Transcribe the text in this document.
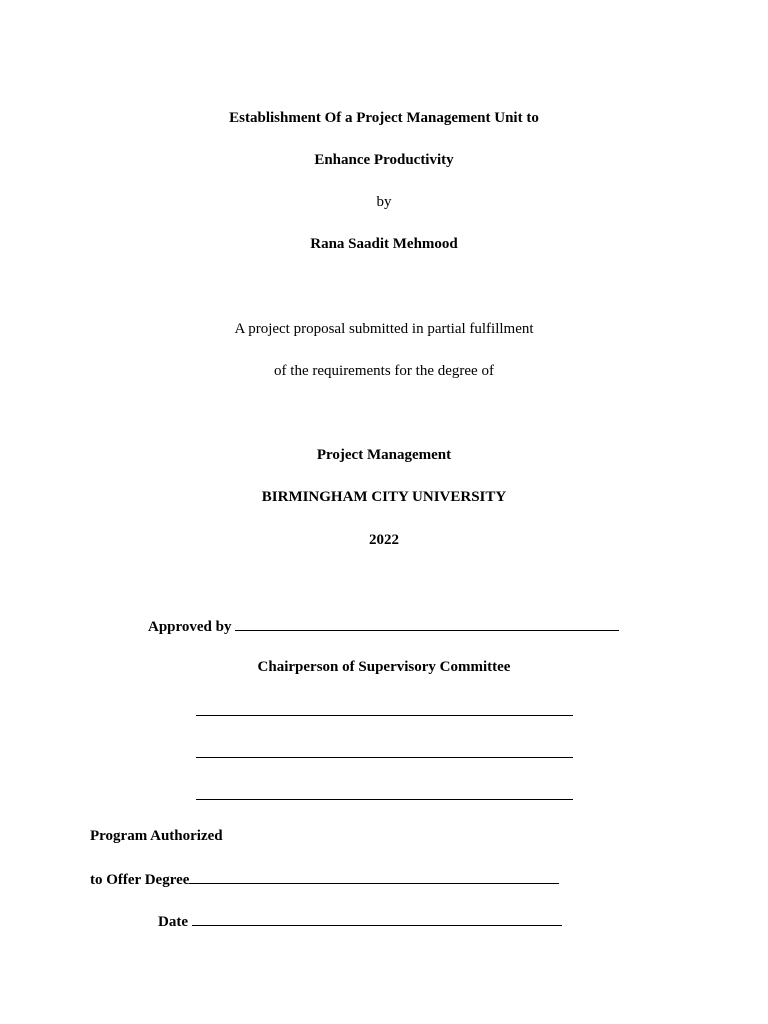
Establishment Of a Project Management Unit to
Enhance Productivity
by
Rana Saadit Mehmood
A project proposal submitted in partial fulfillment
of the requirements for the degree of
Project Management
BIRMINGHAM CITY UNIVERSITY
2022
Approved by
Chairperson of Supervisory Committee
Program Authorized
to Offer Degree
Date
